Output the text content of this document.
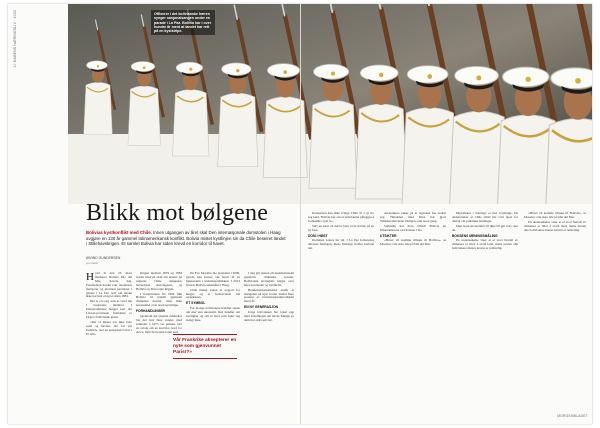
10 DAGENS NÆRINGSLIV · 2023	Offiserer i det bolivianske hæren synger nasjonalsangen under en parade i La Paz. Bolivia har i over hundre år ment at landet har rett på en kyststripe.
Blikk mot bølgene

Bolivias kystkonflikt med Chile. Innen utgangen av året skal Den internasjonale domstolen i Haag avgjøre en 130 år gammel latinamerikansk konflikt. Bolivia mistet kystlinjen sin da Chile beseiret landet i Stillehavskrigen. Et samlet Bolivia har siden krevd en korridor til havet.

ØIVIND GUNDERSEN
journalist

Hvert år den 23. mars markerer Bolivia Día del Mar, havets dag. Presidenten holder tale, skolebarn marsjerer og marinen paraderer i gatene i La Paz, selv om landet ikke har hatt en kyst siden 1884.

Det er en sorg som er vevd inn i nasjonens identitet. I klasserommene henger kart der Litoral-provinsen fremdeles er farget i boliviansk grønt.

«Det vi mistet var ikke bare sand og havner, det var vår fremtid», sier en pensjonert lærer i El Alto.

Krigen mellom 1879 og 1884 startet med en strid om skatter på salpeter. Chile okkuperte havnebyen Antofagasta, og Bolivia og Peru tapte krigen.

I fredsavtalen fra 1904 fikk Bolivia fri transitt gjennom chilenske havner, men ikke suverenitet over noen kyststripe.

FORHANDLINGER

Gjennom det tjuende århundret ble det ført flere runder med samtaler. I 1975 var partene nær en avtale om en korridor nord for Arica, men Peru satte foten ned.

Da Evo Morales ble president i 2006, gjorde han kravet om havet til en hjørnestein i utenrikspolitikken. I 2013 leverte Bolivia søksmålet i Haag.

Chile mener saken er avgjort for lengst, og at fredsavtalen må respekteres.

ET SYMBOL

For mange bolivianere handler saken om mer enn økonomi. Den handler om verdighet og om et land som føler seg stengt inne.

Vår Frankrike aksepterer en nyte som gjenvunnet Paris!?»

I dag går nesten all utenrikshandel gjennom chilenske havner. Boliviansk næringsliv klager over høye kostnader og byråkrati.

Handelsdepartementet anslår at mangelen på kyst koster landet flere prosent av bruttonasjonalproduktet hvert år.

EN NY GENERASJON

Unge bolivianere har vokst opp med fortellingen om havet. Mange av dem har aldri sett det.

Domstolen kan ikke tvinge Chile til å gi fra seg land. Bolivia ber om at nabolandet pålegges å forhandle i god tro.

Selv en seier vil derfor bare være starten på en ny fase.

DOM I HØST

Dommen ventes før jul. I La Paz forberedes allerede feiringen, mens Santiago holder kortene tett.

Analytikere peker på at regionen har endret seg. Handelen med Kina har gjort Stillehavshavnene viktigere enn noen gang.

Samtidig har Peru tilbudt Bolivia en frihandelssone ved havnen i Ilo.

UTSIKTER

«Havet vil komme tilbake til Bolivia», sa Morales i sin siste tale på Día del Mar.

Diplomater i Santiago er mer forsiktige. De understreker at Chile alltid har vært åpen for dialog om praktiske løsninger.

Men noen suverenitet vil ikke bli gitt bort, sier de.

BOKSENS MENINGSMÅLING

En undersøkelse viser at et stort flertall av chilenere er imot å avstå land, mens nesten alle bolivianere mener kravet er rettferdig.

«Havet vil komme tilbake til Bolivia», sa Morales i sin siste tale på Día del Mar.

En undersøkelse viser at et stort flertall av chilenere er imot å avstå land, mens nesten alle bolivianere mener kravet er rettferdig.

MORGENBLADET
